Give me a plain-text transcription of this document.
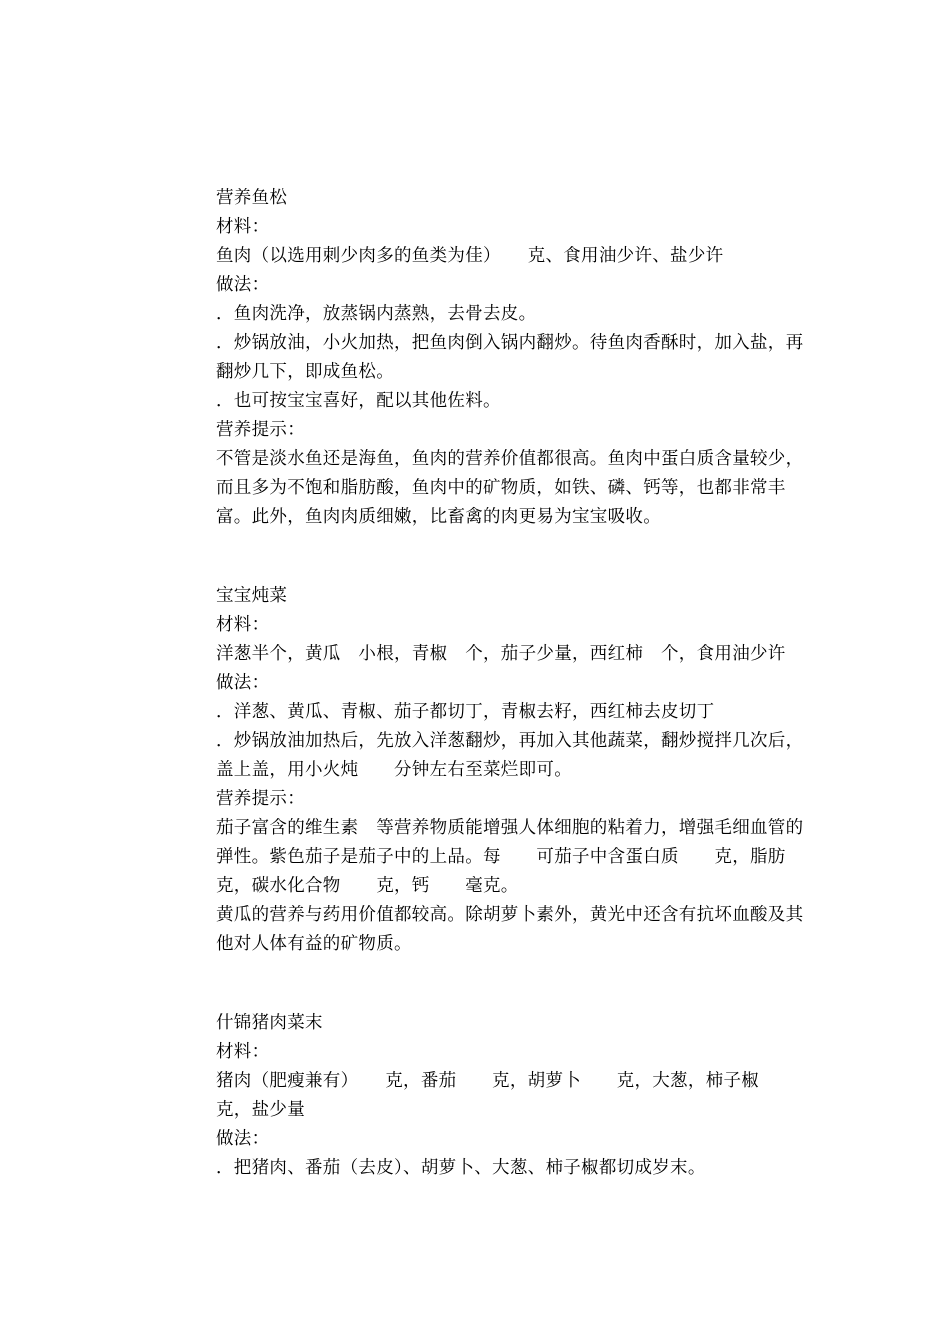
营养鱼松

材料：

鱼肉（以选用刺少肉多的鱼类为佳）　　克、食用油少许、盐少许

做法：

．鱼肉洗净，放蒸锅内蒸熟，去骨去皮。

．炒锅放油，小火加热，把鱼肉倒入锅内翻炒。待鱼肉香酥时，加入盐，再翻炒几下，即成鱼松。

．也可按宝宝喜好，配以其他佐料。

营养提示：

不管是淡水鱼还是海鱼，鱼肉的营养价值都很高。鱼肉中蛋白质含量较少，而且多为不饱和脂肪酸，鱼肉中的矿物质，如铁、磷、钙等，也都非常丰富。此外，鱼肉肉质细嫩，比畜禽的肉更易为宝宝吸收。

宝宝炖菜

材料：

洋葱半个，黄瓜　小根，青椒　个，茄子少量，西红柿　个，食用油少许

做法：

．洋葱、黄瓜、青椒、茄子都切丁，青椒去籽，西红柿去皮切丁

．炒锅放油加热后，先放入洋葱翻炒，再加入其他蔬菜，翻炒搅拌几次后，盖上盖，用小火炖　　分钟左右至菜烂即可。

营养提示：

茄子富含的维生素　等营养物质能增强人体细胞的粘着力，增强毛细血管的弹性。紫色茄子是茄子中的上品。每　　可茄子中含蛋白质　　克，脂肪　　克，碳水化合物　　克，钙　　毫克。

黄瓜的营养与药用价值都较高。除胡萝卜素外，黄光中还含有抗坏血酸及其他对人体有益的矿物质。

什锦猪肉菜末

材料：

猪肉（肥瘦兼有）　　克，番茄　　克，胡萝卜　　克，大葱，柿子椒　　克，盐少量

做法：

．把猪肉、番茄（去皮）、胡萝卜、大葱、柿子椒都切成岁末。
